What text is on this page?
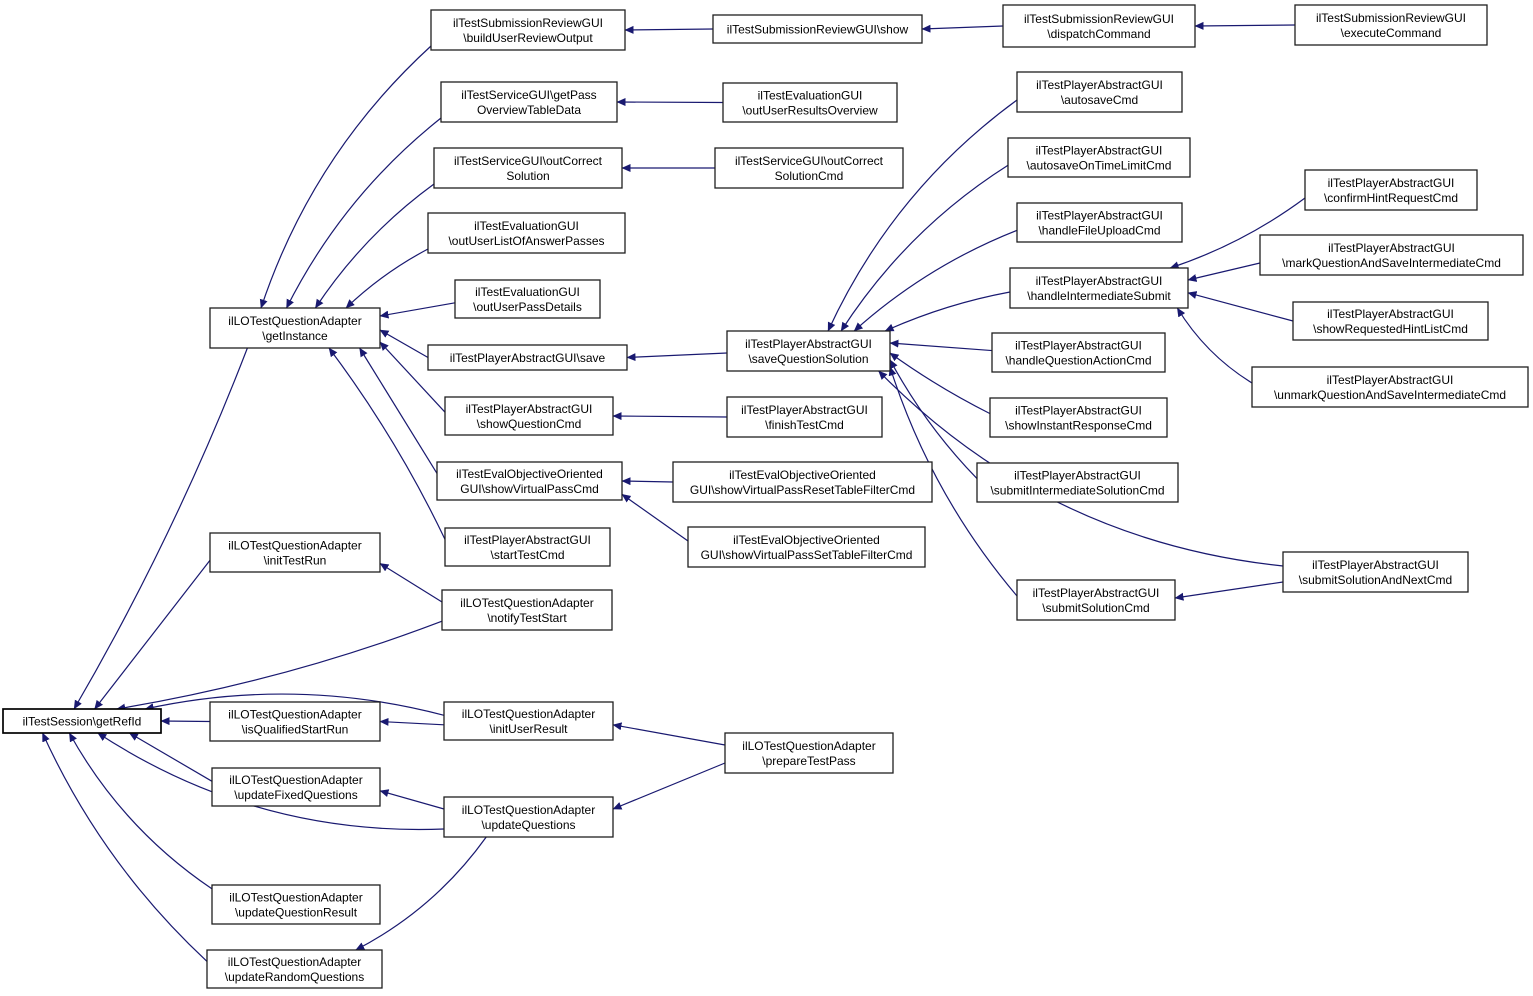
ilTestSession\getRefId
ilLOTestQuestionAdapter
\getInstance
ilLOTestQuestionAdapter
\initTestRun
ilLOTestQuestionAdapter
\isQualifiedStartRun
ilLOTestQuestionAdapter
\updateFixedQuestions
ilLOTestQuestionAdapter
\updateQuestionResult
ilLOTestQuestionAdapter
\updateRandomQuestions
ilTestSubmissionReviewGUI
\buildUserReviewOutput
ilTestServiceGUI\getPass
OverviewTableData
ilTestServiceGUI\outCorrect
Solution
ilTestEvaluationGUI
\outUserListOfAnswerPasses
ilTestEvaluationGUI
\outUserPassDetails
ilTestPlayerAbstractGUI\save
ilTestPlayerAbstractGUI
\showQuestionCmd
ilTestEvalObjectiveOriented
GUI\showVirtualPassCmd
ilTestPlayerAbstractGUI
\startTestCmd
ilLOTestQuestionAdapter
\notifyTestStart
ilLOTestQuestionAdapter
\initUserResult
ilLOTestQuestionAdapter
\updateQuestions
ilTestSubmissionReviewGUI\show
ilTestEvaluationGUI
\outUserResultsOverview
ilTestServiceGUI\outCorrect
SolutionCmd
ilTestPlayerAbstractGUI
\saveQuestionSolution
ilTestPlayerAbstractGUI
\finishTestCmd
ilTestEvalObjectiveOriented
GUI\showVirtualPassResetTableFilterCmd
ilTestEvalObjectiveOriented
GUI\showVirtualPassSetTableFilterCmd
ilLOTestQuestionAdapter
\prepareTestPass
ilTestSubmissionReviewGUI
\dispatchCommand
ilTestPlayerAbstractGUI
\autosaveCmd
ilTestPlayerAbstractGUI
\autosaveOnTimeLimitCmd
ilTestPlayerAbstractGUI
\handleFileUploadCmd
ilTestPlayerAbstractGUI
\handleIntermediateSubmit
ilTestPlayerAbstractGUI
\handleQuestionActionCmd
ilTestPlayerAbstractGUI
\showInstantResponseCmd
ilTestPlayerAbstractGUI
\submitIntermediateSolutionCmd
ilTestPlayerAbstractGUI
\submitSolutionCmd
ilTestSubmissionReviewGUI
\executeCommand
ilTestPlayerAbstractGUI
\confirmHintRequestCmd
ilTestPlayerAbstractGUI
\markQuestionAndSaveIntermediateCmd
ilTestPlayerAbstractGUI
\showRequestedHintListCmd
ilTestPlayerAbstractGUI
\unmarkQuestionAndSaveIntermediateCmd
ilTestPlayerAbstractGUI
\submitSolutionAndNextCmd
